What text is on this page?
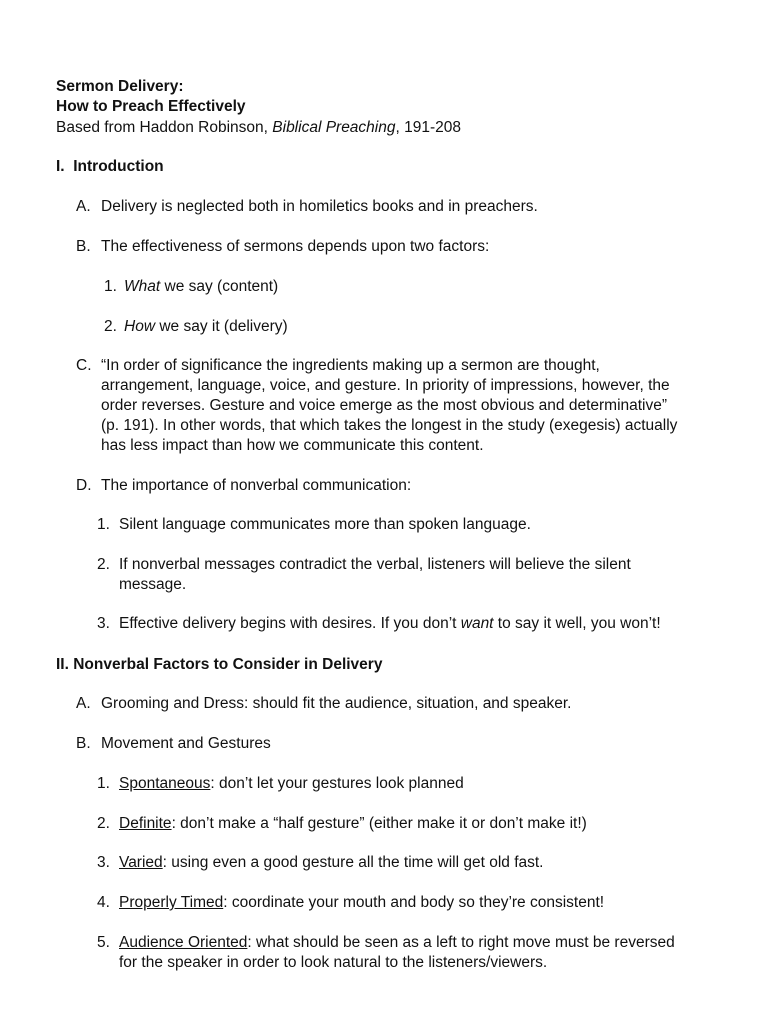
Sermon Delivery:
How to Preach Effectively
Based from Haddon Robinson, Biblical Preaching, 191-208
I. Introduction
A. Delivery is neglected both in homiletics books and in preachers.
B. The effectiveness of sermons depends upon two factors:
1. What we say (content)
2. How we say it (delivery)
C. “In order of significance the ingredients making up a sermon are thought,
arrangement, language, voice, and gesture. In priority of impressions, however, the
order reverses. Gesture and voice emerge as the most obvious and determinative”
(p. 191). In other words, that which takes the longest in the study (exegesis) actually
has less impact than how we communicate this content.
D. The importance of nonverbal communication:
1. Silent language communicates more than spoken language.
2. If nonverbal messages contradict the verbal, listeners will believe the silent
message.
3. Effective delivery begins with desires. If you don’t want to say it well, you won’t!
II. Nonverbal Factors to Consider in Delivery
A. Grooming and Dress: should fit the audience, situation, and speaker.
B. Movement and Gestures
1. Spontaneous: don’t let your gestures look planned
2. Definite: don’t make a “half gesture” (either make it or don’t make it!)
3. Varied: using even a good gesture all the time will get old fast.
4. Properly Timed: coordinate your mouth and body so they’re consistent!
5. Audience Oriented: what should be seen as a left to right move must be reversed
for the speaker in order to look natural to the listeners/viewers.
